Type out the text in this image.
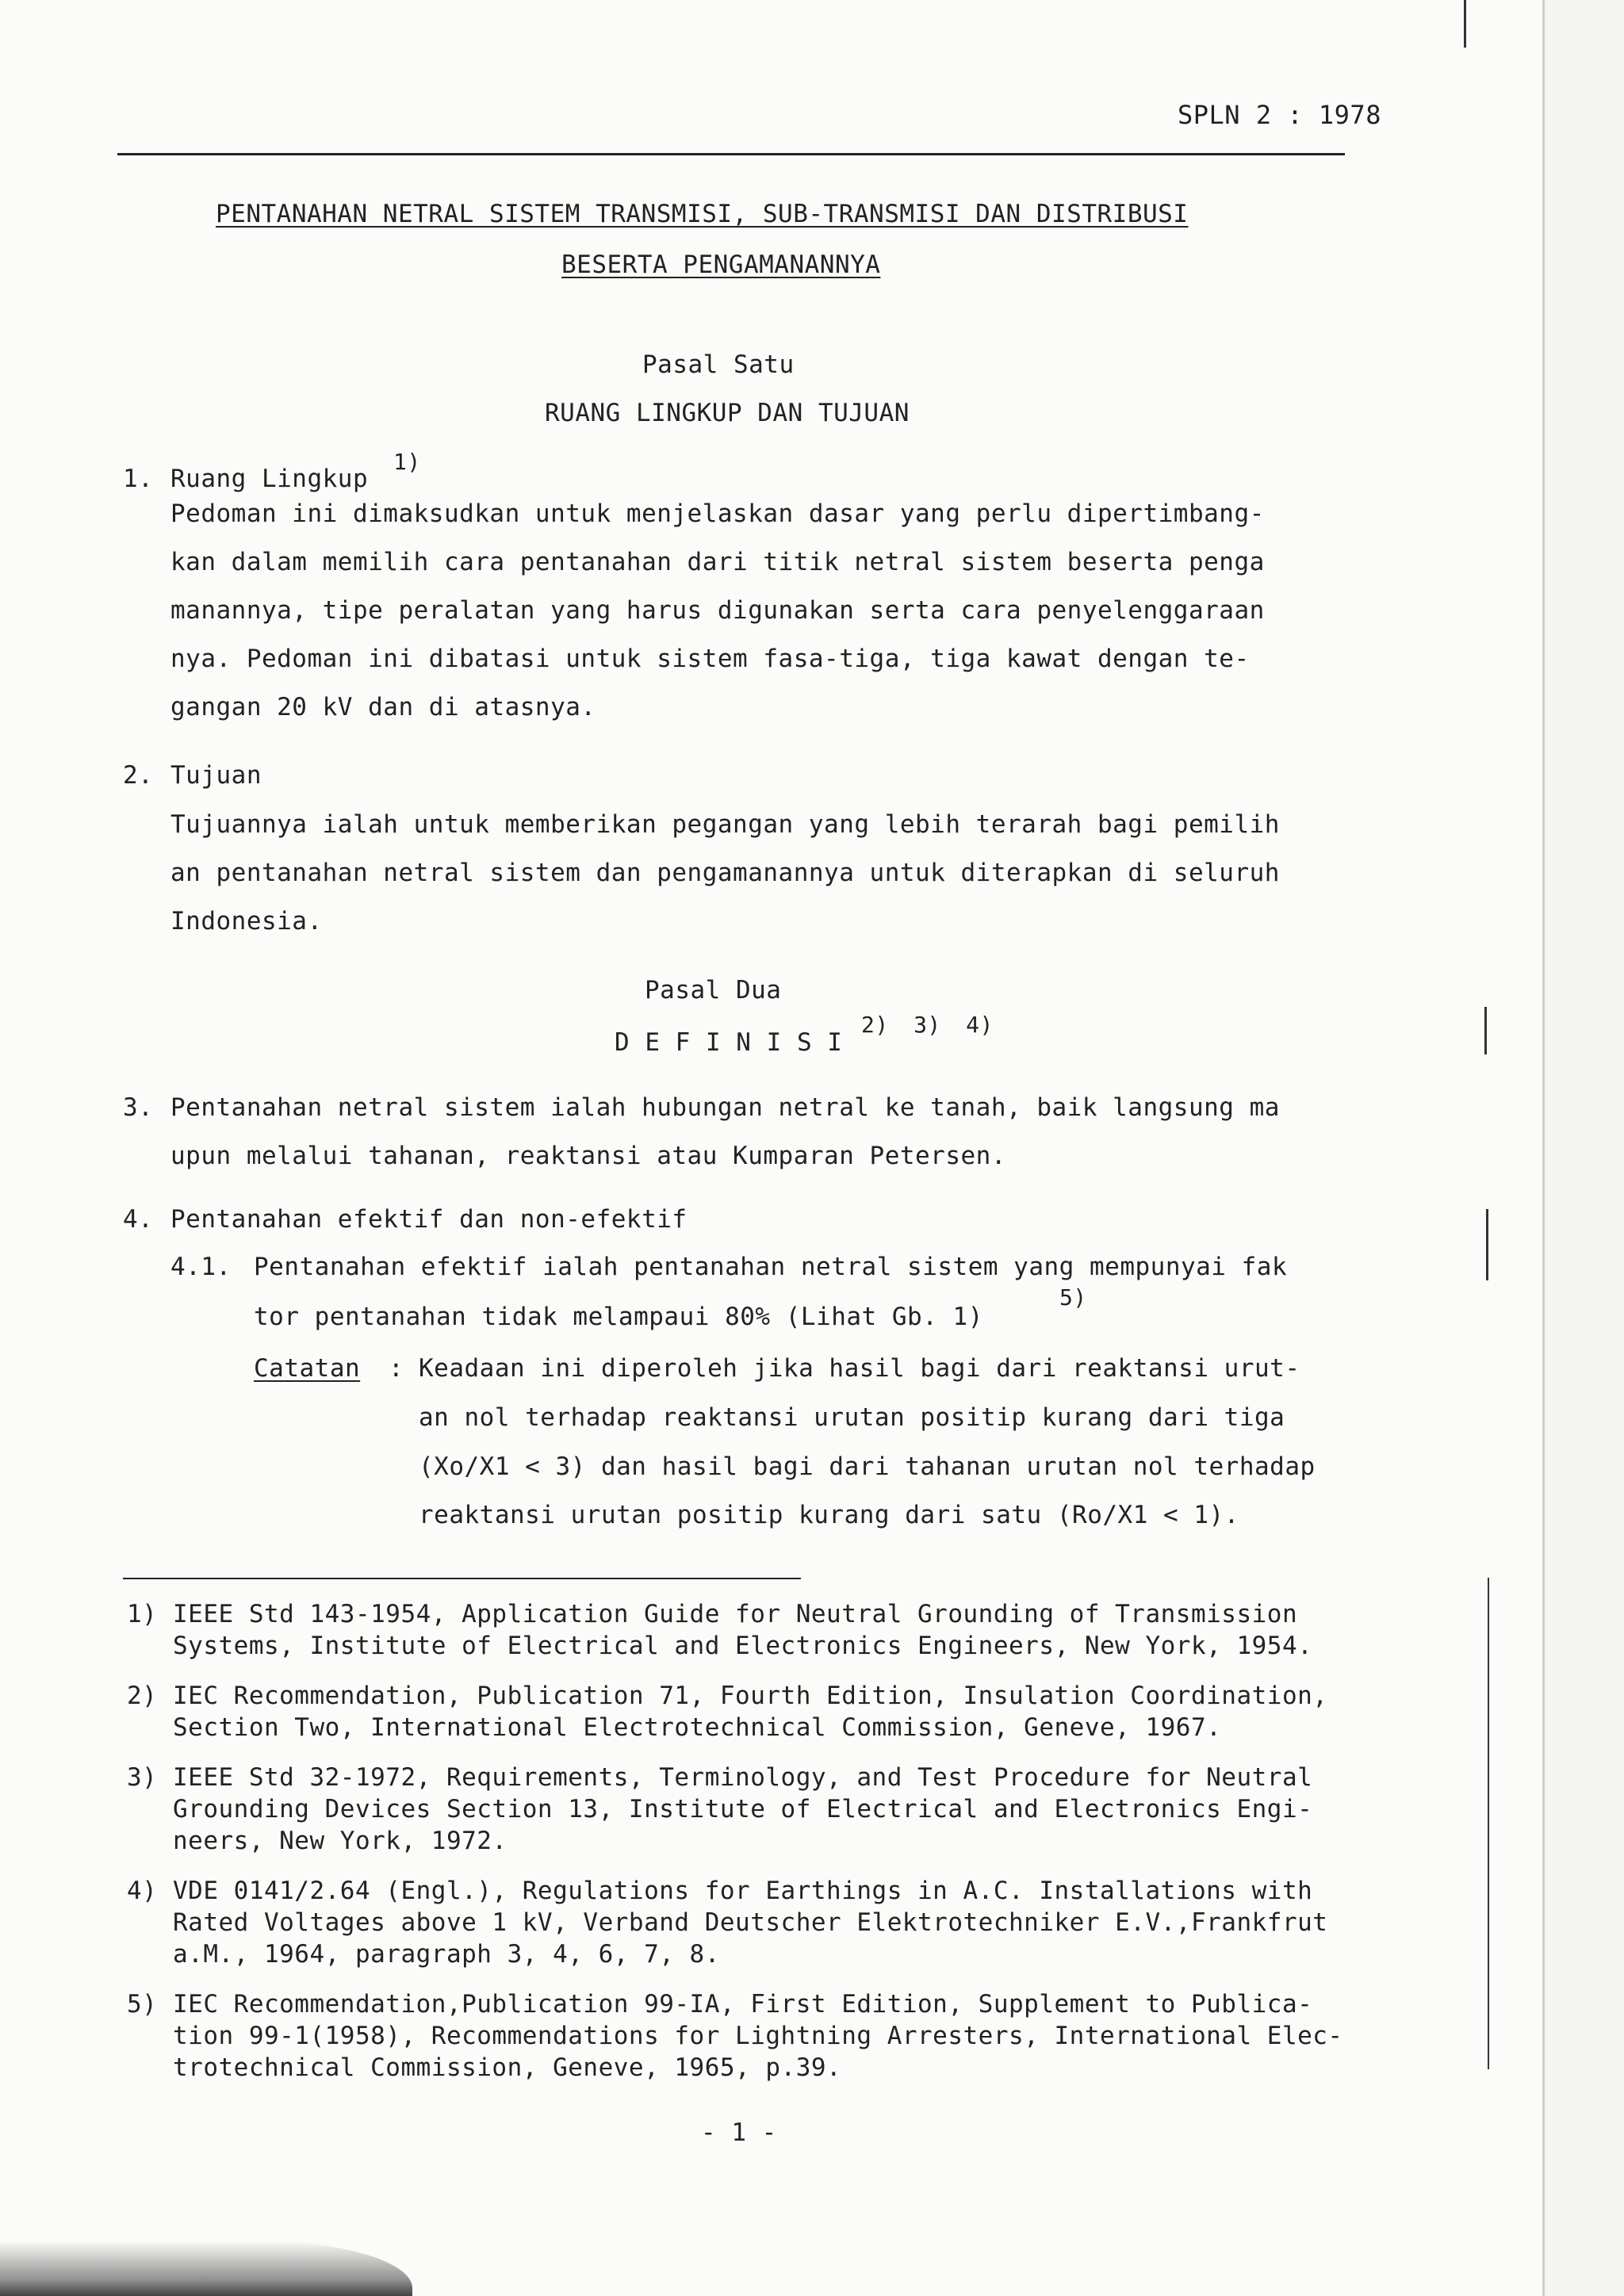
SPLN 2 : 1978
PENTANAHAN NETRAL SISTEM TRANSMISI, SUB-TRANSMISI DAN DISTRIBUSI
BESERTA PENGAMANANNYA
Pasal Satu
RUANG LINGKUP DAN TUJUAN
1. Ruang Lingkup
1)
Pedoman ini dimaksudkan untuk menjelaskan dasar yang perlu dipertimbang-
kan dalam memilih cara pentanahan dari titik netral sistem beserta penga
manannya, tipe peralatan yang harus digunakan serta cara penyelenggaraan
nya. Pedoman ini dibatasi untuk sistem fasa-tiga, tiga kawat dengan te-
gangan 20 kV dan di atasnya.
2. Tujuan
Tujuannya ialah untuk memberikan pegangan yang lebih terarah bagi pemilih
an pentanahan netral sistem dan pengamanannya untuk diterapkan di seluruh
Indonesia.
Pasal Dua
D E F I N I S I
2) 3) 4)
3. Pentanahan netral sistem ialah hubungan netral ke tanah, baik langsung ma
upun melalui tahanan, reaktansi atau Kumparan Petersen.
4. Pentanahan efektif dan non-efektif
4.1. Pentanahan efektif ialah pentanahan netral sistem yang mempunyai fak
tor pentanahan tidak melampaui 80% (Lihat Gb. 1)
5)
Catatan : Keadaan ini diperoleh jika hasil bagi dari reaktansi urut-
an nol terhadap reaktansi urutan positip kurang dari tiga
(Xo/X1 < 3) dan hasil bagi dari tahanan urutan nol terhadap
reaktansi urutan positip kurang dari satu (Ro/X1 < 1).
1) IEEE Std 143-1954, Application Guide for Neutral Grounding of Transmission
Systems, Institute of Electrical and Electronics Engineers, New York, 1954.
2) IEC Recommendation, Publication 71, Fourth Edition, Insulation Coordination,
Section Two, International Electrotechnical Commission, Geneve, 1967.
3) IEEE Std 32-1972, Requirements, Terminology, and Test Procedure for Neutral
Grounding Devices Section 13, Institute of Electrical and Electronics Engi-
neers, New York, 1972.
4) VDE 0141/2.64 (Engl.), Regulations for Earthings in A.C. Installations with
Rated Voltages above 1 kV, Verband Deutscher Elektrotechniker E.V.,Frankfrut
a.M., 1964, paragraph 3, 4, 6, 7, 8.
5) IEC Recommendation,Publication 99-IA, First Edition, Supplement to Publica-
tion 99-1(1958), Recommendations for Lightning Arresters, International Elec-
trotechnical Commission, Geneve, 1965, p.39.
- 1 -
